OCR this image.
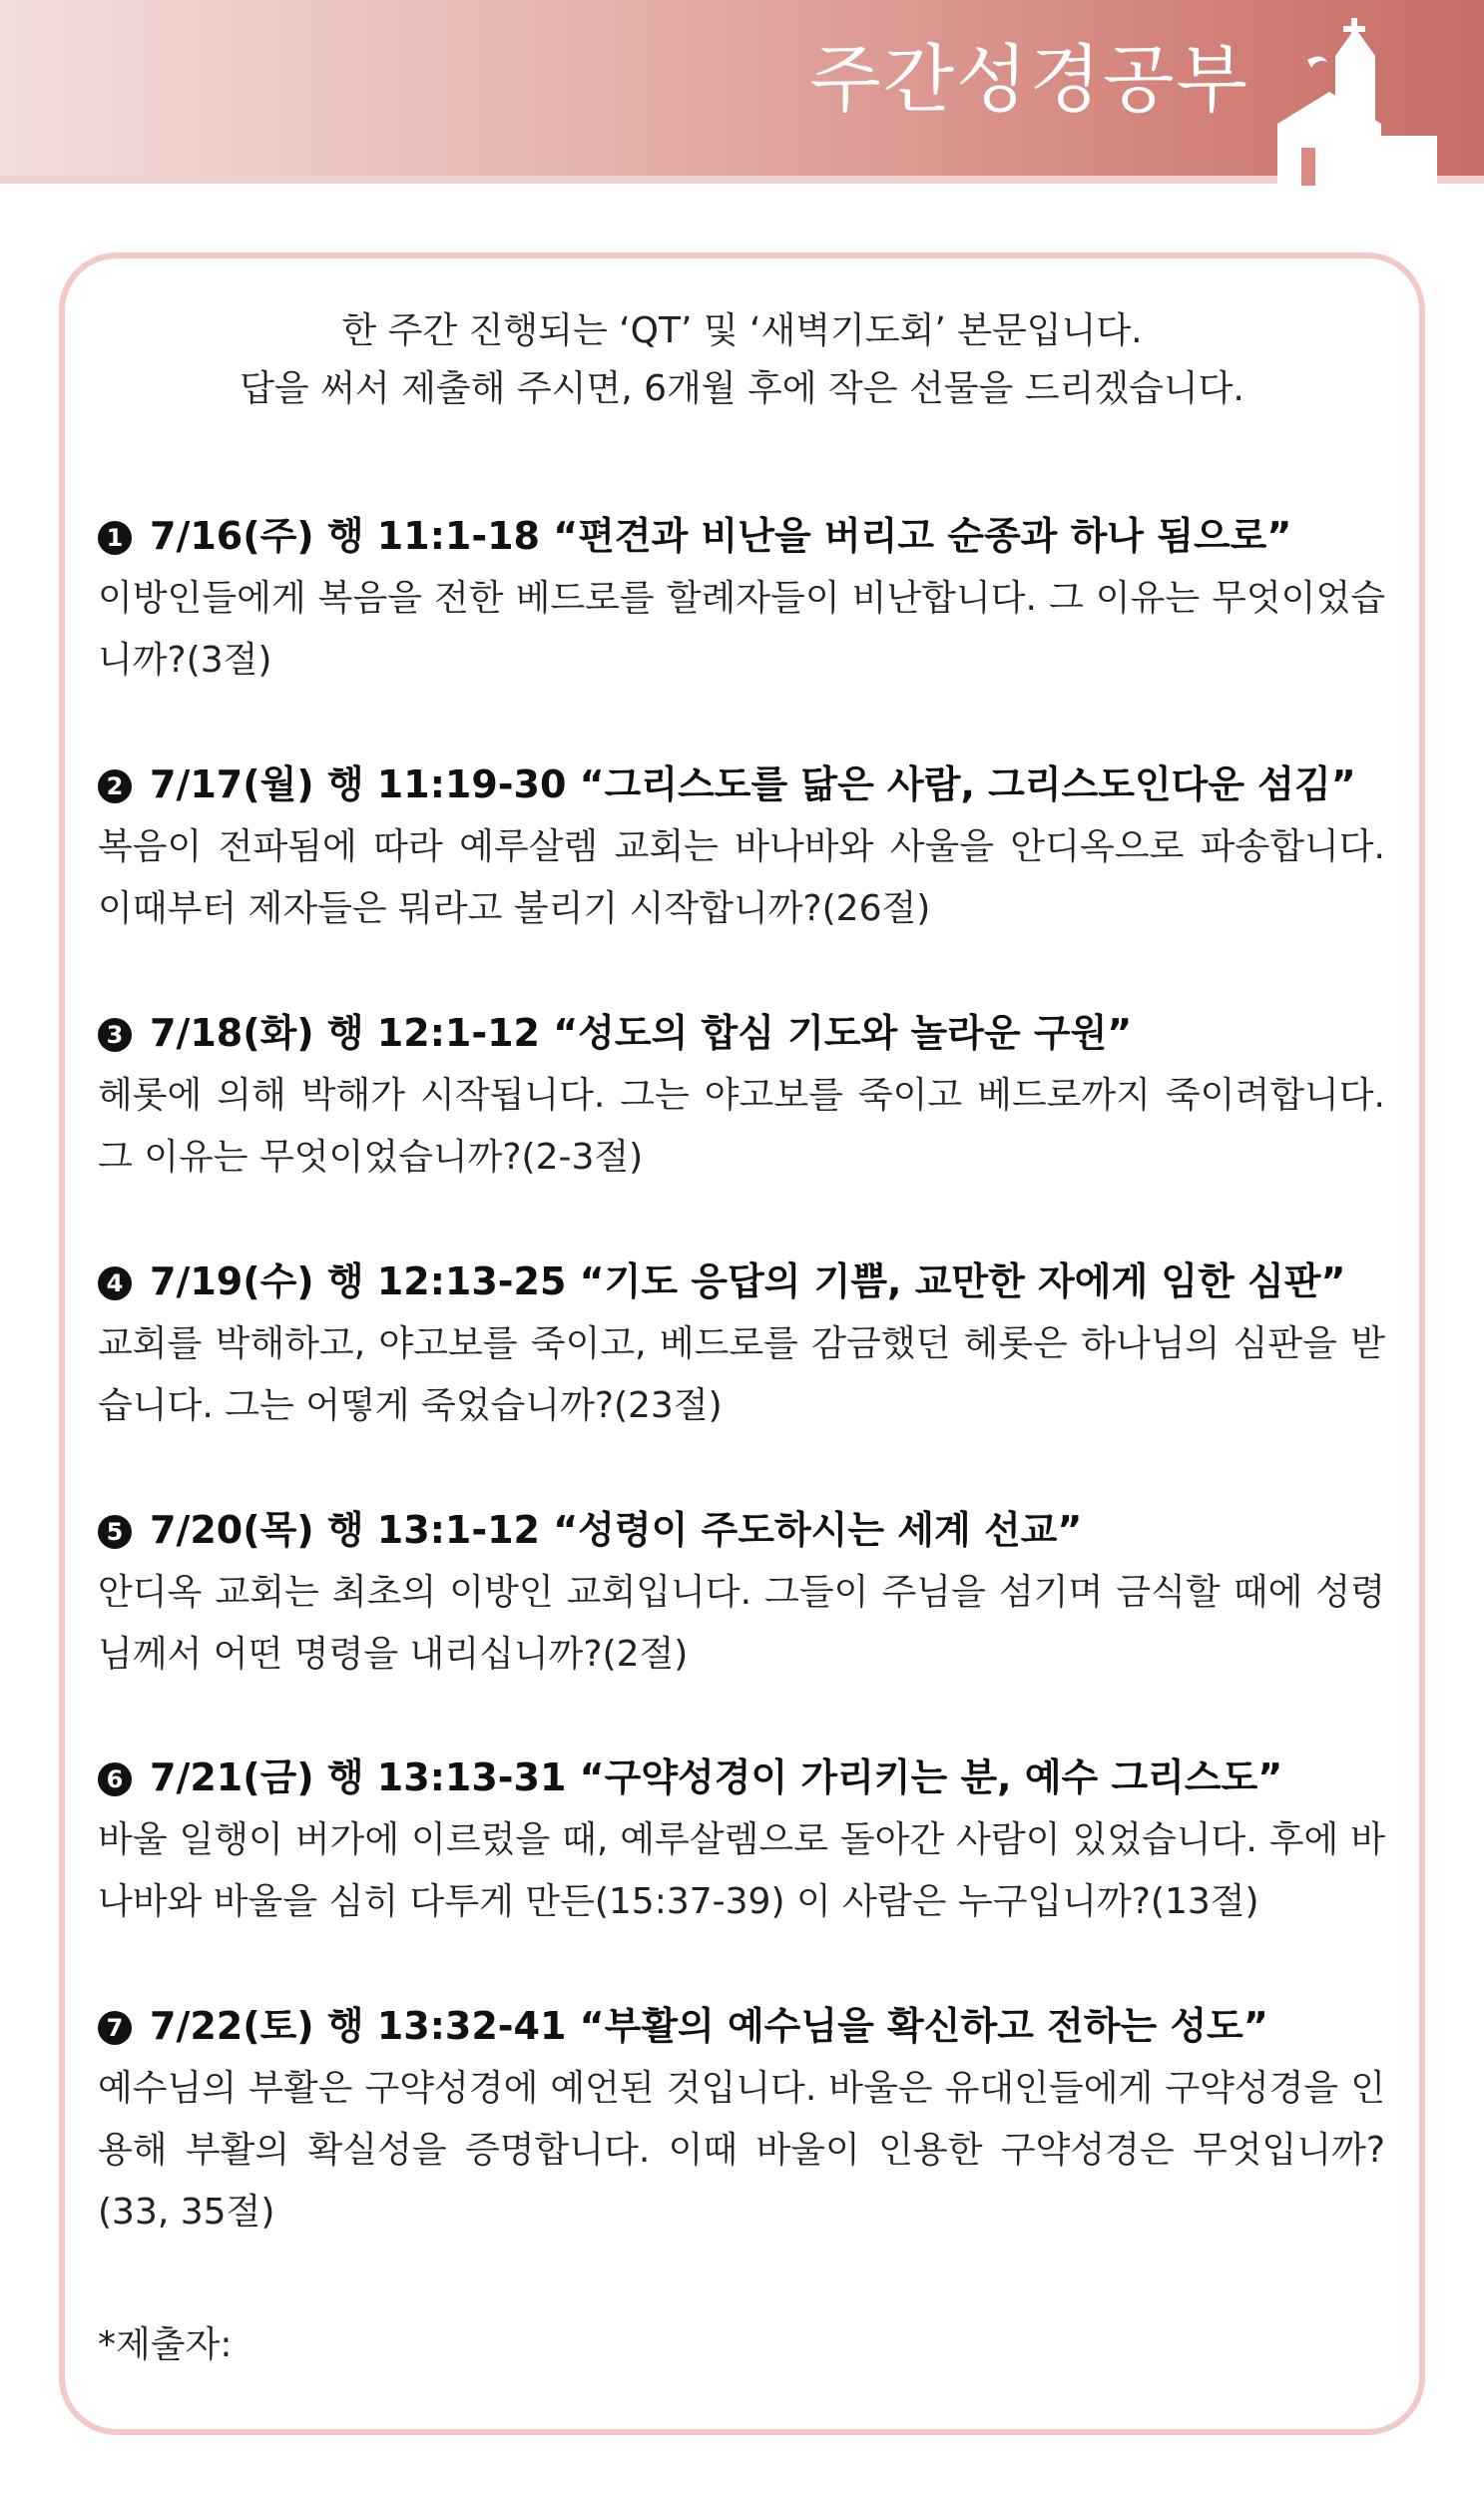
주간성경공부
한 주간 진행되는 ‘QT’ 및 ‘새벽기도회’ 본문입니다.
답을 써서 제출해 주시면, 6개월 후에 작은 선물을 드리겠습니다.
1 7/16(주) 행 11:1-18 “편견과 비난을 버리고 순종과 하나 됨으로”
이방인들에게 복음을 전한 베드로를 할례자들이 비난합니다. 그 이유는 무엇이었습니까?(3절)
2 7/17(월) 행 11:19-30 “그리스도를 닮은 사람, 그리스도인다운 섬김”
복음이 전파됨에 따라 예루살렘 교회는 바나바와 사울을 안디옥으로 파송합니다. 이때부터 제자들은 뭐라고 불리기 시작합니까?(26절)
3 7/18(화) 행 12:1-12 “성도의 합심 기도와 놀라운 구원”
헤롯에 의해 박해가 시작됩니다. 그는 야고보를 죽이고 베드로까지 죽이려합니다. 그 이유는 무엇이었습니까?(2-3절)
4 7/19(수) 행 12:13-25 “기도 응답의 기쁨, 교만한 자에게 임한 심판”
교회를 박해하고, 야고보를 죽이고, 베드로를 감금했던 헤롯은 하나님의 심판을 받습니다. 그는 어떻게 죽었습니까?(23절)
5 7/20(목) 행 13:1-12 “성령이 주도하시는 세계 선교”
안디옥 교회는 최초의 이방인 교회입니다. 그들이 주님을 섬기며 금식할 때에 성령님께서 어떤 명령을 내리십니까?(2절)
6 7/21(금) 행 13:13-31 “구약성경이 가리키는 분, 예수 그리스도”
바울 일행이 버가에 이르렀을 때, 예루살렘으로 돌아간 사람이 있었습니다. 후에 바나바와 바울을 심히 다투게 만든(15:37-39) 이 사람은 누구입니까?(13절)
7 7/22(토) 행 13:32-41 “부활의 예수님을 확신하고 전하는 성도”
예수님의 부활은 구약성경에 예언된 것입니다. 바울은 유대인들에게 구약성경을 인용해 부활의 확실성을 증명합니다. 이때 바울이 인용한 구약성경은 무엇입니까?(33, 35절)
*제출자:
